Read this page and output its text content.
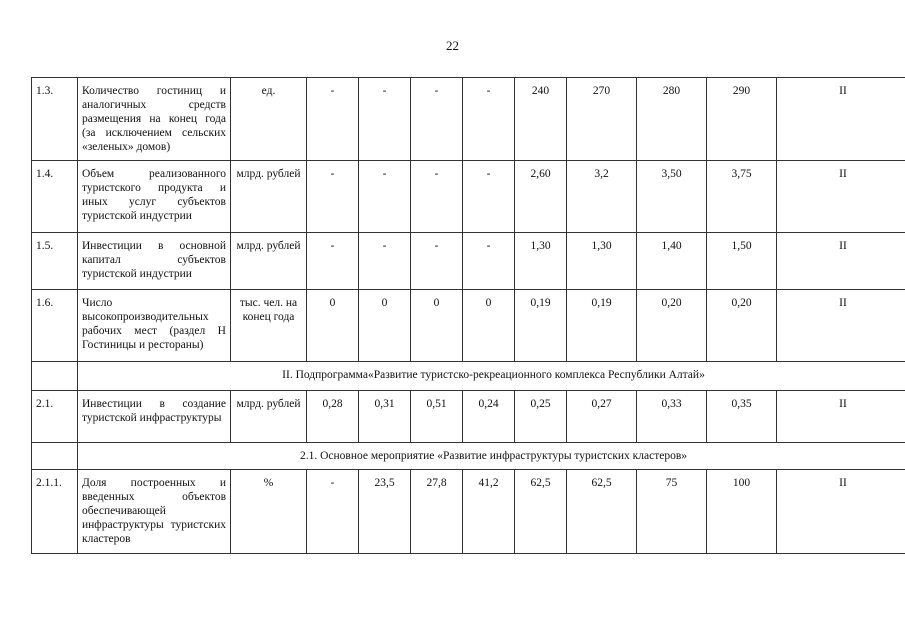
22
1.3.	Количество гостиниц и аналогичных средств размещения на конец года (за исключением сельских «зеленых» домов)	ед.	-	-	-	-	240	270	280	290	II
1.4.	Объем реализованного туристского продукта и иных услуг субъектов туристской индустрии	млрд. рублей	-	-	-	-	2,60	3,2	3,50	3,75	II
1.5.	Инвестиции в основной капитал субъектов туристской индустрии	млрд. рублей	-	-	-	-	1,30	1,30	1,40	1,50	II
1.6.	Число высокопроизводительных рабочих мест (раздел H Гостиницы и рестораны)	тыс. чел. на конец года	0	0	0	0	0,19	0,19	0,20	0,20	II
	II. Подпрограмма«Развитие туристско-рекреационного комплекса Республики Алтай»										
2.1.	Инвестиции в создание туристской инфраструктуры	млрд. рублей	0,28	0,31	0,51	0,24	0,25	0,27	0,33	0,35	II
	2.1. Основное мероприятие «Развитие инфраструктуры туристских кластеров»										
2.1.1.	Доля построенных и введенных объектов обеспечивающей инфраструктуры туристских кластеров	%	-	23,5	27,8	41,2	62,5	62,5	75	100	II
